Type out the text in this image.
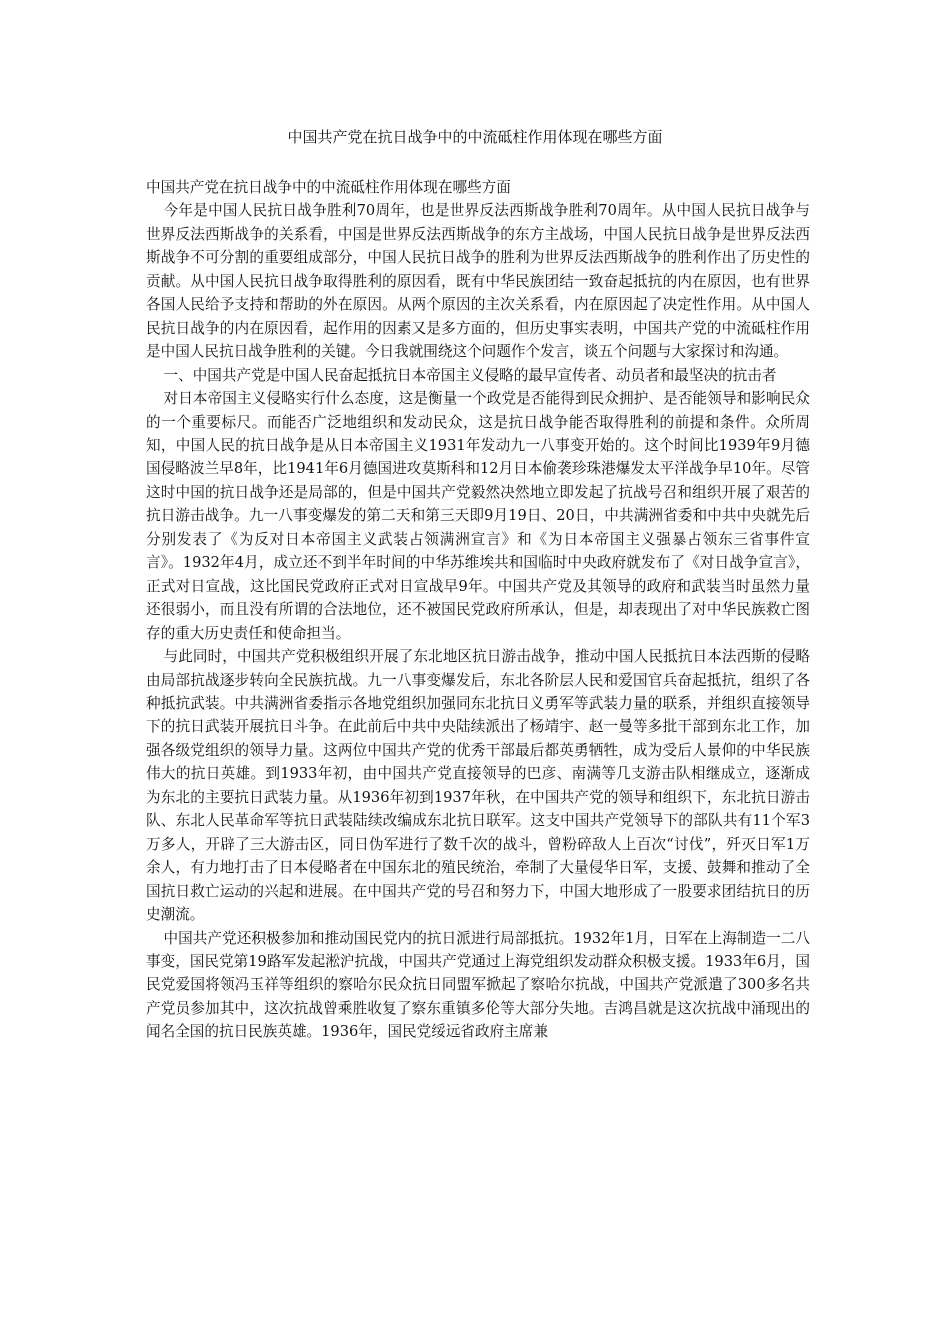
中国共产党在抗日战争中的中流砥柱作用体现在哪些方面

中国共产党在抗日战争中的中流砥柱作用体现在哪些方面

今年是中国人民抗日战争胜利70周年，也是世界反法西斯战争胜利70周年。从中国人民抗日战争与世界反法西斯战争的关系看，中国是世界反法西斯战争的东方主战场，中国人民抗日战争是世界反法西斯战争不可分割的重要组成部分，中国人民抗日战争的胜利为世界反法西斯战争的胜利作出了历史性的贡献。从中国人民抗日战争取得胜利的原因看，既有中华民族团结一致奋起抵抗的内在原因，也有世界各国人民给予支持和帮助的外在原因。从两个原因的主次关系看，内在原因起了决定性作用。从中国人民抗日战争的内在原因看，起作用的因素又是多方面的，但历史事实表明，中国共产党的中流砥柱作用是中国人民抗日战争胜利的关键。今日我就围绕这个问题作个发言，谈五个问题与大家探讨和沟通。

一、中国共产党是中国人民奋起抵抗日本帝国主义侵略的最早宣传者、动员者和最坚决的抗击者

对日本帝国主义侵略实行什么态度，这是衡量一个政党是否能得到民众拥护、是否能领导和影响民众的一个重要标尺。而能否广泛地组织和发动民众，这是抗日战争能否取得胜利的前提和条件。众所周知，中国人民的抗日战争是从日本帝国主义1931年发动九一八事变开始的。这个时间比1939年9月德国侵略波兰早8年，比1941年6月德国进攻莫斯科和12月日本偷袭珍珠港爆发太平洋战争早10年。尽管这时中国的抗日战争还是局部的，但是中国共产党毅然决然地立即发起了抗战号召和组织开展了艰苦的抗日游击战争。九一八事变爆发的第二天和第三天即9月19日、20日，中共满洲省委和中共中央就先后分别发表了《为反对日本帝国主义武装占领满洲宣言》和《为日本帝国主义强暴占领东三省事件宣言》。1932年4月，成立还不到半年时间的中华苏维埃共和国临时中央政府就发布了《对日战争宣言》，正式对日宣战，这比国民党政府正式对日宣战早9年。中国共产党及其领导的政府和武装当时虽然力量还很弱小，而且没有所谓的合法地位，还不被国民党政府所承认，但是，却表现出了对中华民族救亡图存的重大历史责任和使命担当。

与此同时，中国共产党积极组织开展了东北地区抗日游击战争，推动中国人民抵抗日本法西斯的侵略由局部抗战逐步转向全民族抗战。九一八事变爆发后，东北各阶层人民和爱国官兵奋起抵抗，组织了各种抵抗武装。中共满洲省委指示各地党组织加强同东北抗日义勇军等武装力量的联系，并组织直接领导下的抗日武装开展抗日斗争。在此前后中共中央陆续派出了杨靖宇、赵一曼等多批干部到东北工作，加强各级党组织的领导力量。这两位中国共产党的优秀干部最后都英勇牺牲，成为受后人景仰的中华民族伟大的抗日英雄。到1933年初，由中国共产党直接领导的巴彦、南满等几支游击队相继成立，逐渐成为东北的主要抗日武装力量。从1936年初到1937年秋，在中国共产党的领导和组织下，东北抗日游击队、东北人民革命军等抗日武装陆续改编成东北抗日联军。这支中国共产党领导下的部队共有11个军3万多人，开辟了三大游击区，同日伪军进行了数千次的战斗，曾粉碎敌人上百次“讨伐”，歼灭日军1万余人，有力地打击了日本侵略者在中国东北的殖民统治，牵制了大量侵华日军，支援、鼓舞和推动了全国抗日救亡运动的兴起和进展。在中国共产党的号召和努力下，中国大地形成了一股要求团结抗日的历史潮流。

中国共产党还积极参加和推动国民党内的抗日派进行局部抵抗。1932年1月，日军在上海制造一二八事变，国民党第19路军发起淞沪抗战，中国共产党通过上海党组织发动群众积极支援。1933年6月，国民党爱国将领冯玉祥等组织的察哈尔民众抗日同盟军掀起了察哈尔抗战，中国共产党派遣了300多名共产党员参加其中，这次抗战曾乘胜收复了察东重镇多伦等大部分失地。吉鸿昌就是这次抗战中涌现出的闻名全国的抗日民族英雄。1936年，国民党绥远省政府主席兼
